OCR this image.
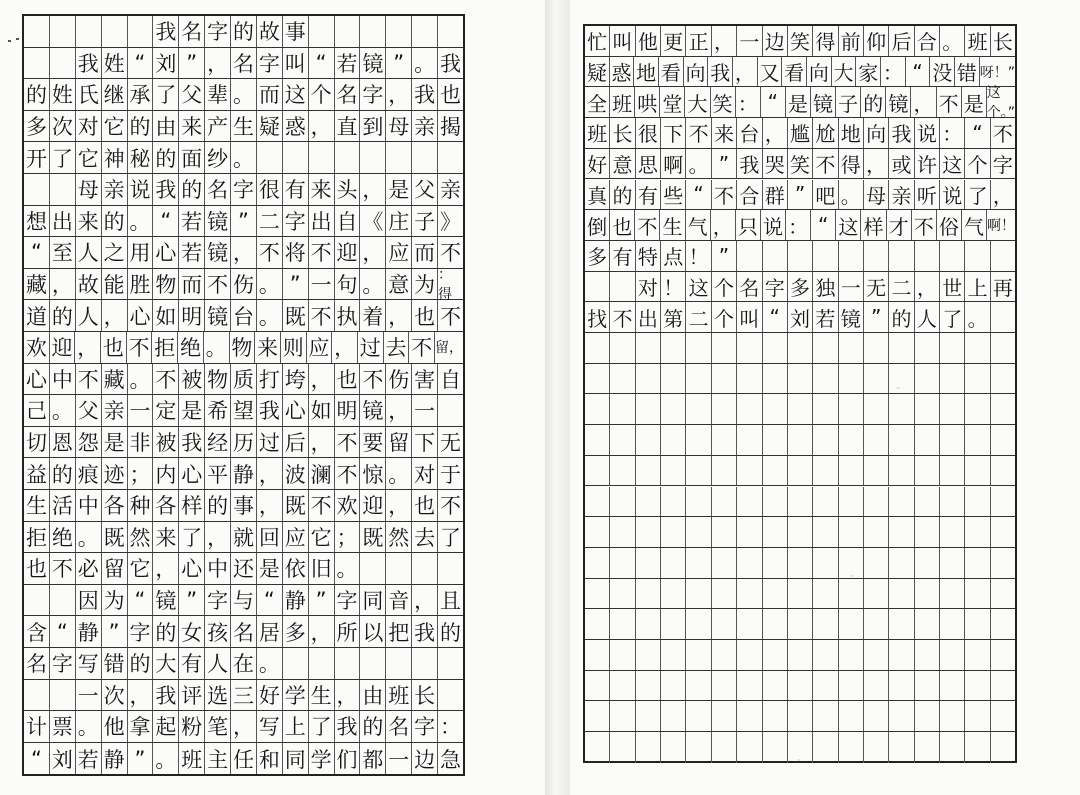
我 名 字 的 故 事
我 姓 “ 刘 ” ， 名 字 叫 “ 若 镜 ” 。 我
的 姓 氏 继 承 了 父 辈 。 而 这 个 名 字 ， 我 也
多 次 对 它 的 由 来 产 生 疑 惑 ， 直 到 母 亲 揭
开 了 它 神 秘 的 面 纱 。
母 亲 说 我 的 名 字 很 有 来 头 ， 是 父 亲
想 出 来 的 。 “ 若 镜 ” 二 字 出 自 《 庄 子 》
“ 至 人 之 用 心 若 镜 ， 不 将 不 迎 ， 应 而 不
藏 ， 故 能 胜 物 而 不 伤 。 ” 一 句 。 意 为 ：得
道 的 人 ， 心 如 明 镜 台 。 既 不 执 着 ， 也 不
欢 迎 ， 也 不 拒 绝 。 物 来 则 应 ， 过 去 不 留，
心 中 不 藏 。 不 被 物 质 打 垮 ， 也 不 伤 害 自
己 。 父 亲 一 定 是 希 望 我 心 如 明 镜 ， 一
切 恩 怨 是 非 被 我 经 历 过 后 ， 不 要 留 下 无
益 的 痕 迹 ； 内 心 平 静 ， 波 澜 不 惊 。 对 于
生 活 中 各 种 各 样 的 事 ， 既 不 欢 迎 ， 也 不
拒 绝 。 既 然 来 了 ， 就 回 应 它 ； 既 然 去 了
也 不 必 留 它 ， 心 中 还 是 依 旧 。
因 为 “ 镜 ” 字 与 “ 静 ” 字 同 音 ， 且
含 “ 静 ” 字 的 女 孩 名 居 多 ， 所 以 把 我 的
名 字 写 错 的 大 有 人 在 。
一 次 ， 我 评 选 三 好 学 生 ， 由 班 长
计 票 。 他 拿 起 粉 笔 ， 写 上 了 我 的 名 字 ：
“ 刘 若 静 ” 。 班 主 任 和 同 学 们 都 一 边 急
忙 叫 他 更 正 ， 一 边 笑 得 前 仰 后 合 。 班 长
疑 惑 地 看 向 我 ， 又 看 向 大 家 ： “ 没 错 呀！”
全 班 哄 堂 大 笑 ： “ 是 镜 子 的 镜 ， 不 是 这个。”
班 长 很 下 不 来 台 ， 尴 尬 地 向 我 说 ： “ 不
好 意 思 啊 。 ” 我 哭 笑 不 得 ， 或 许 这 个 字
真 的 有 些 “ 不 合 群 ” 吧 。 母 亲 听 说 了 ，
倒 也 不 生 气 ， 只 说 ： “ 这 样 才 不 俗 气 啊！
多 有 特 点 ！ ”
对 ！ 这 个 名 字 多 独 一 无 二 ， 世 上 再
找 不 出 第 二 个 叫 “ 刘 若 镜 ” 的 人 了 。
~
~
~
